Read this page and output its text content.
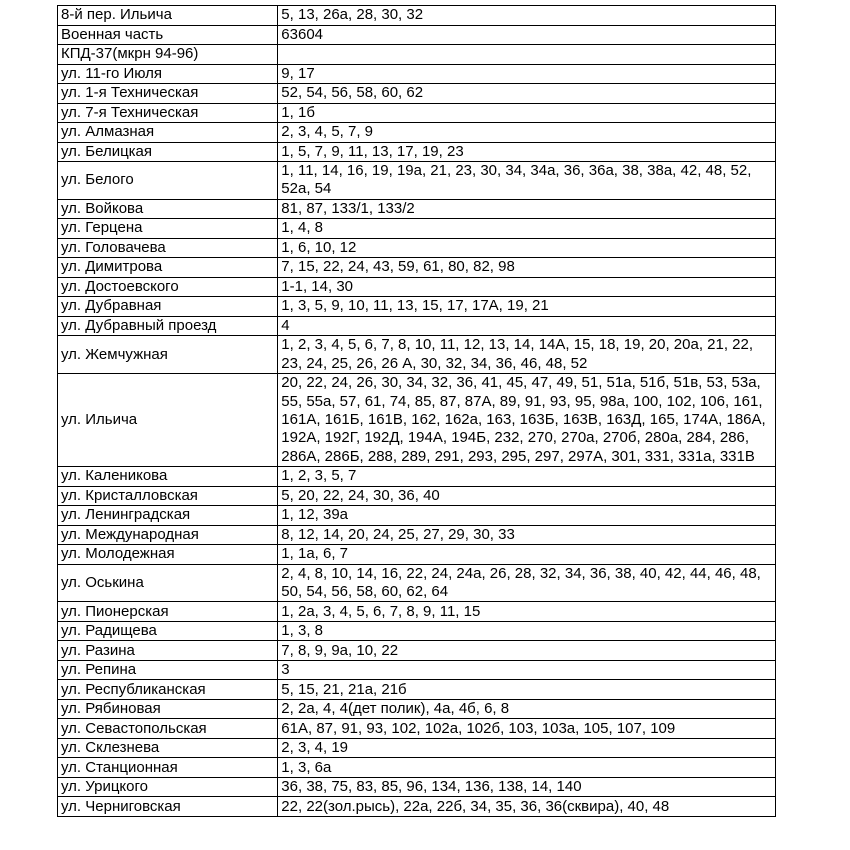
8-й пер. Ильича	5, 13, 26а, 28, 30, 32
Военная часть	63604
КПД-37(мкрн 94-96)	
ул. 11-го Июля	9, 17
ул. 1-я Техническая	52, 54, 56, 58, 60, 62
ул. 7-я Техническая	1, 1б
ул. Алмазная	2, 3, 4, 5, 7, 9
ул. Белицкая	1, 5, 7, 9, 11, 13, 17, 19, 23
ул. Белого	1, 11, 14, 16, 19, 19а, 21, 23, 30, 34, 34а, 36, 36а, 38, 38а, 42, 48, 52, 52а, 54
ул. Войкова	81, 87, 133/1, 133/2
ул. Герцена	1, 4, 8
ул. Головачева	1, 6, 10, 12
ул. Димитрова	7, 15, 22, 24, 43, 59, 61, 80, 82, 98
ул. Достоевского	1-1, 14, 30
ул. Дубравная	1, 3, 5, 9, 10, 11, 13, 15, 17, 17А, 19, 21
ул. Дубравный проезд	4
ул. Жемчужная	1, 2, 3, 4, 5, 6, 7, 8, 10, 11, 12, 13, 14, 14А, 15, 18, 19, 20, 20а, 21, 22, 23, 24, 25, 26, 26 А, 30, 32, 34, 36, 46, 48, 52
ул. Ильича	20, 22, 24, 26, 30, 34, 32, 36, 41, 45, 47, 49, 51, 51а, 51б, 51в, 53, 53а, 55, 55а, 57, 61, 74, 85, 87, 87А, 89, 91, 93, 95, 98а, 100, 102, 106, 161, 161А, 161Б, 161В, 162, 162а, 163, 163Б, 163В, 163Д, 165, 174А, 186А, 192А, 192Г, 192Д, 194А, 194Б, 232, 270, 270а, 270б, 280а, 284, 286, 286А, 286Б, 288, 289, 291, 293, 295, 297, 297А, 301, 331, 331а, 331В
ул. Каленикова	1, 2, 3, 5, 7
ул. Кристалловская	5, 20, 22, 24, 30, 36, 40
ул. Ленинградская	1, 12, 39а
ул. Международная	8, 12, 14, 20, 24, 25, 27, 29, 30, 33
ул. Молодежная	1, 1а, 6, 7
ул. Оськина	2, 4, 8, 10, 14, 16, 22, 24, 24а, 26, 28, 32, 34, 36, 38, 40, 42, 44, 46, 48, 50, 54, 56, 58, 60, 62, 64
ул. Пионерская	1, 2а, 3, 4, 5, 6, 7, 8, 9, 11, 15
ул. Радищева	1, 3, 8
ул. Разина	7, 8, 9, 9а, 10, 22
ул. Репина	3
ул. Республиканская	5, 15, 21, 21а, 21б
ул. Рябиновая	2, 2а, 4, 4(дет полик), 4а, 4б, 6, 8
ул. Севастопольская	61А, 87, 91, 93, 102, 102а, 102б, 103, 103а, 105, 107, 109
ул. Склезнева	2, 3, 4, 19
ул. Станционная	1, 3, 6а
ул. Урицкого	36, 38, 75, 83, 85, 96, 134, 136, 138, 14, 140
ул. Черниговская	22, 22(зол.рысь), 22а, 22б, 34, 35, 36, 36(сквира), 40, 48
